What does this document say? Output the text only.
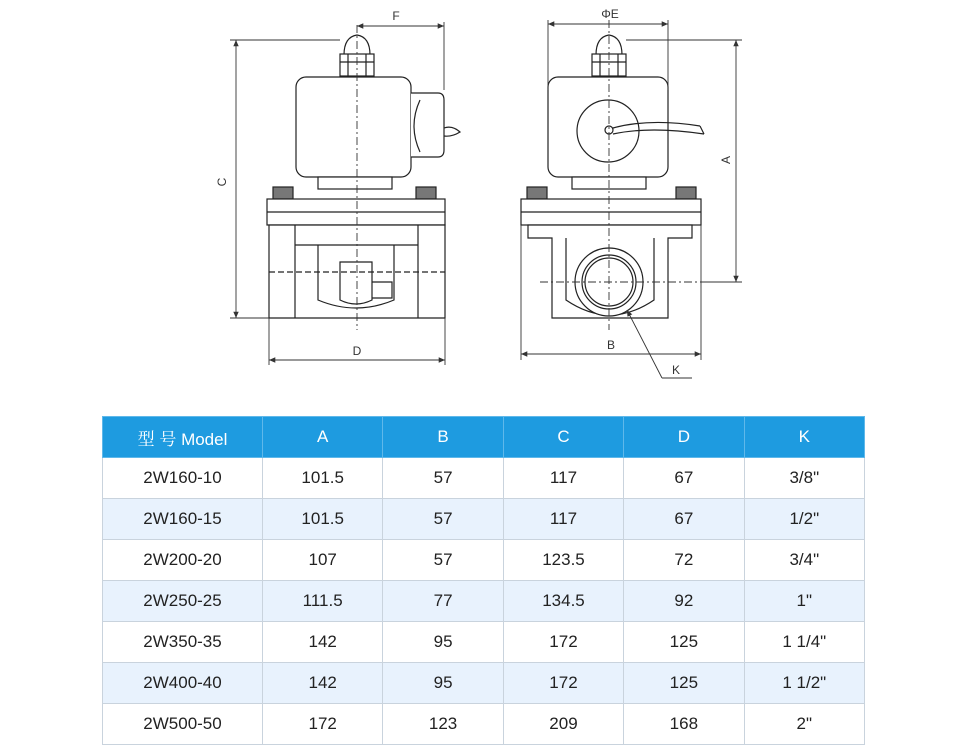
F
C
D
ΦE
A
B
K
型 号 Model	A	B	C	D	K
2W160-10	101.5	57	117	67	3/8"
2W160-15	101.5	57	117	67	1/2"
2W200-20	107	57	123.5	72	3/4"
2W250-25	111.5	77	134.5	92	1"
2W350-35	142	95	172	125	1 1/4"
2W400-40	142	95	172	125	1 1/2"
2W500-50	172	123	209	168	2"
